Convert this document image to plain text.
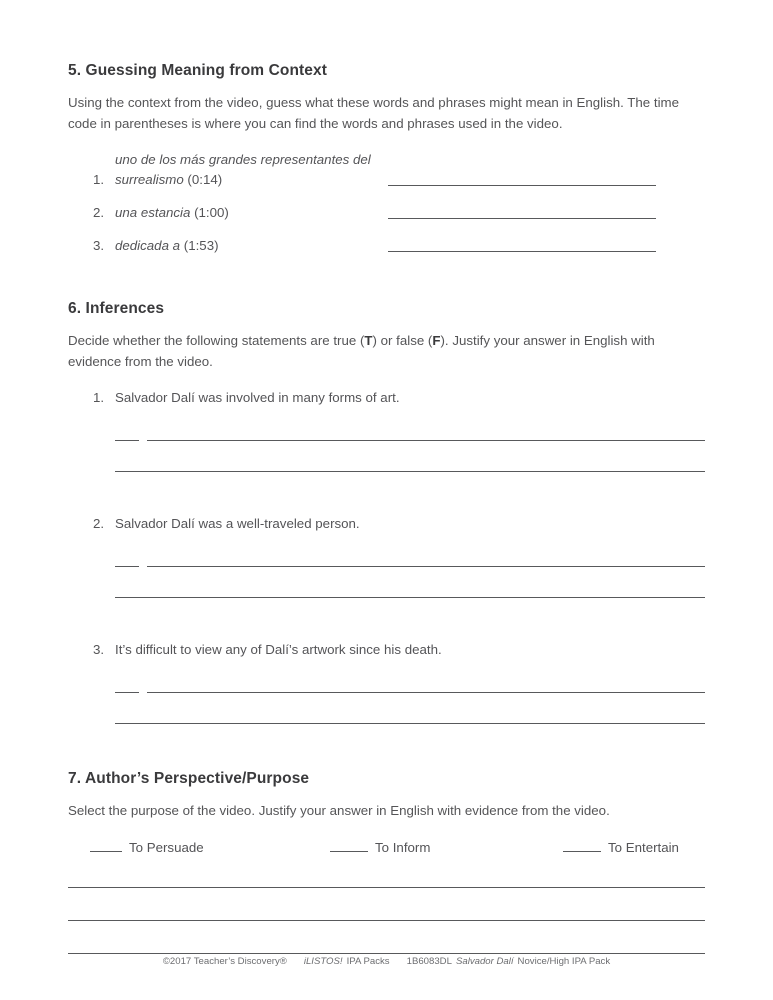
5. Guessing Meaning from Context

Using the context from the video, guess what these words and phrases might mean in English. The time code in parentheses is where you can find the words and phrases used in the video.

1.
uno de los más grandes representantes del surrealismo (0:14)
2. una estancia (1:00)
3. dedicada a (1:53)
6. Inferences

Decide whether the following statements are true (T) or false (F). Justify your answer in English with evidence from the video.

1. Salvador Dalí was involved in many forms of art.
2. Salvador Dalí was a well-traveled person.
3. It’s difficult to view any of Dalí’s artwork since his death.
7. Author’s Perspective/Purpose

Select the purpose of the video. Justify your answer in English with evidence from the video.

To Persuade	To Inform	To Entertain
©2017 Teacher’s Discovery® iLISTOS! IPA Packs 1B6083DL Salvador Dalí Novice/High IPA Pack
